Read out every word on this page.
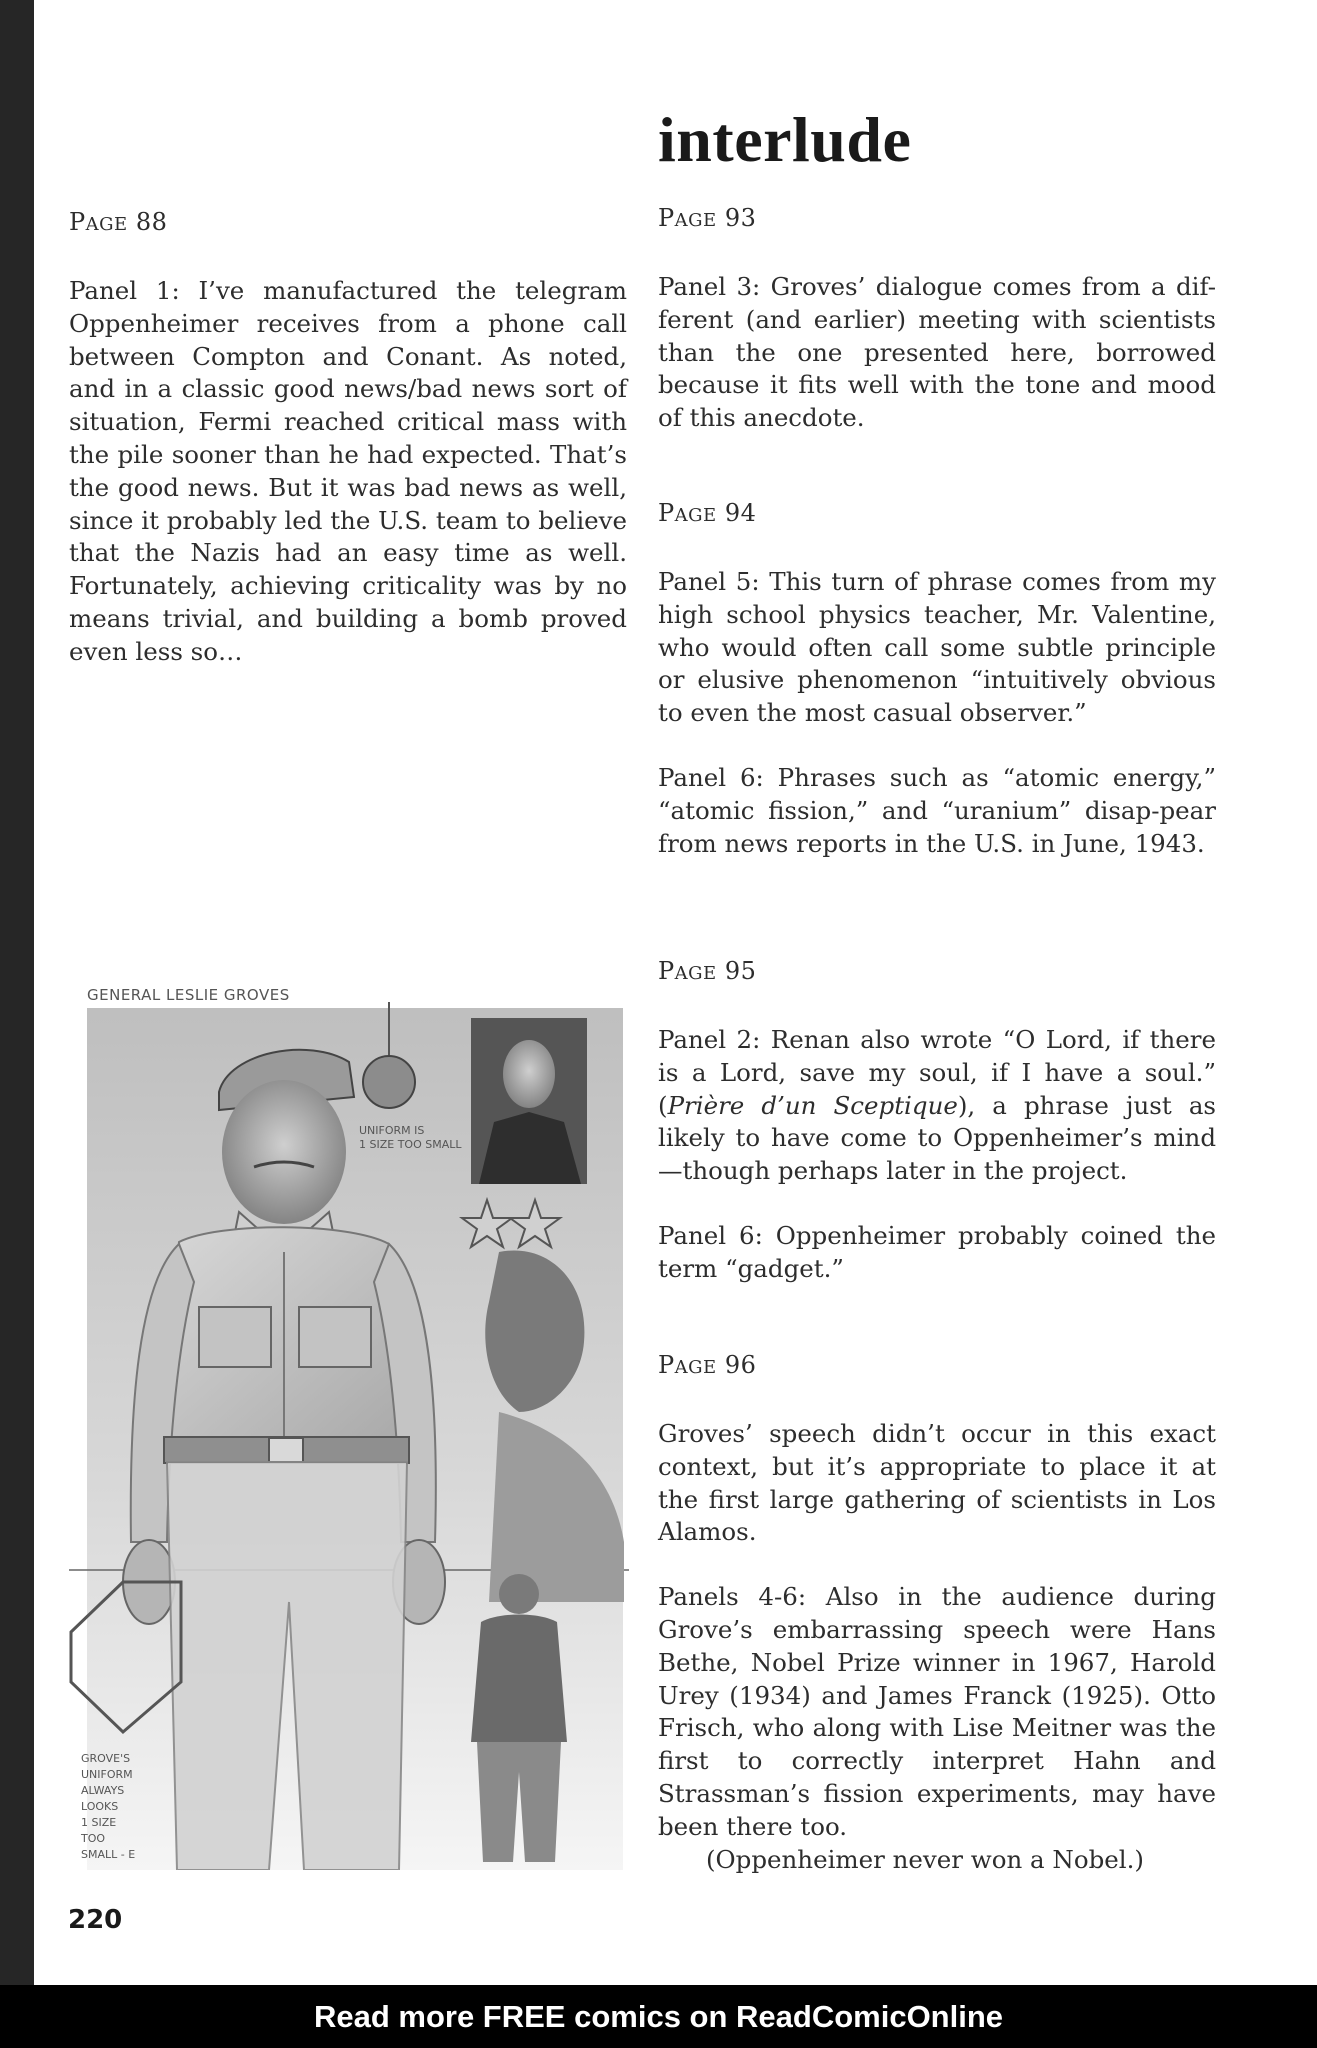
interlude

PAGE 88

Panel 1: I’ve manufactured the telegram Oppenheimer receives from a phone call between Compton and Conant. As noted, and in a classic good news/bad news sort of situation, Fermi reached critical mass with the pile sooner than he had expected. That’s the good news. But it was bad news as well, since it probably led the U.S. team to believe that the Nazis had an easy time as well. Fortunately, achieving criticality was by no means trivial, and building a bomb proved even less so…

PAGE 93

Panel 3: Groves’ dialogue comes from a dif-ferent (and earlier) meeting with scientists than the one presented here, borrowed because it fits well with the tone and mood of this anecdote.

PAGE 94

Panel 5: This turn of phrase comes from my high school physics teacher, Mr. Valentine, who would often call some subtle principle or elusive phenomenon “intuitively obvious to even the most casual observer.”

Panel 6: Phrases such as “atomic energy,” “atomic fission,” and “uranium” disap-pear from news reports in the U.S. in June, 1943.

PAGE 95

Panel 2: Renan also wrote “O Lord, if there is a Lord, save my soul, if I have a soul.” (Prière d’un Sceptique), a phrase just as likely to have come to Oppenheimer’s mind—though perhaps later in the project.

Panel 6: Oppenheimer probably coined the term “gadget.”

PAGE 96

Groves’ speech didn’t occur in this exact context, but it’s appropriate to place it at the first large gathering of scientists in Los Alamos.

Panels 4-6: Also in the audience during Grove’s embarrassing speech were Hans Bethe, Nobel Prize winner in 1967, Harold Urey (1934) and James Franck (1925). Otto Frisch, who along with Lise Meitner was the first to correctly interpret Hahn and Strassman’s fission experiments, may have been there too.

(Oppenheimer never won a Nobel.)

GENERAL LESLIE GROVES
UNIFORM IS
1 SIZE TOO SMALL
GROVE'S
UNIFORM
ALWAYS
LOOKS
1 SIZE
TOO
SMALL - E

220

Read more FREE comics on ReadComicOnline
